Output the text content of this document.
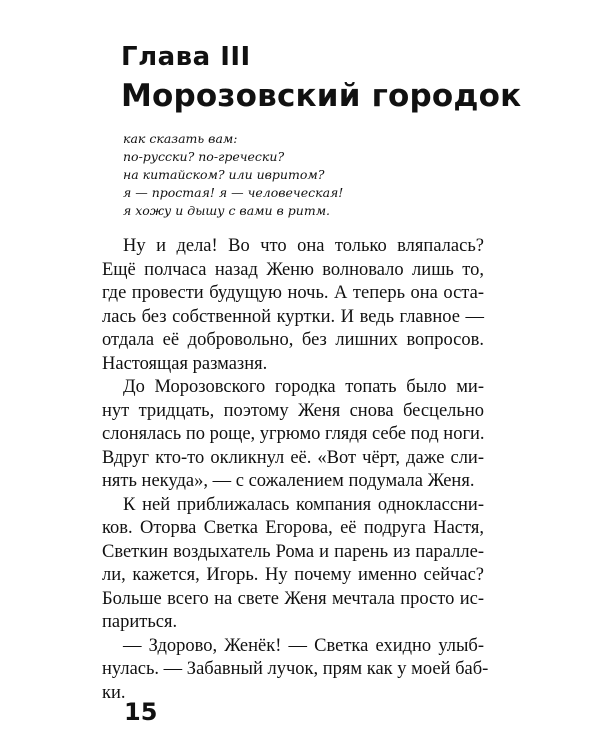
Глава III
Морозовский городок
как сказать вам:
по-русски? по-гречески?
на китайском? или ивритом?
я — простая! я — человеческая!
я хожу и дышу с вами в ритм.
Ну и дела! Во что она только вляпалась?
Ещё полчаса назад Женю волновало лишь то,
где провести будущую ночь. А теперь она оста-
лась без собственной куртки. И ведь главное —
отдала её добровольно, без лишних вопросов.
Настоящая размазня.
До Морозовского городка топать было ми-
нут тридцать, поэтому Женя снова бесцельно
слонялась по роще, угрюмо глядя себе под ноги.
Вдруг кто-то окликнул её. «Вот чёрт, даже сли-
нять некуда», — с сожалением подумала Женя.
К ней приближалась компания одноклассни-
ков. Оторва Светка Егорова, её подруга Настя,
Светкин воздыхатель Рома и парень из паралле-
ли, кажется, Игорь. Ну почему именно сейчас?
Больше всего на свете Женя мечтала просто ис-
париться.
— Здорово, Женёк! — Светка ехидно улыб-
нулась. — Забавный лучок, прям как у моей баб-
ки.
15
